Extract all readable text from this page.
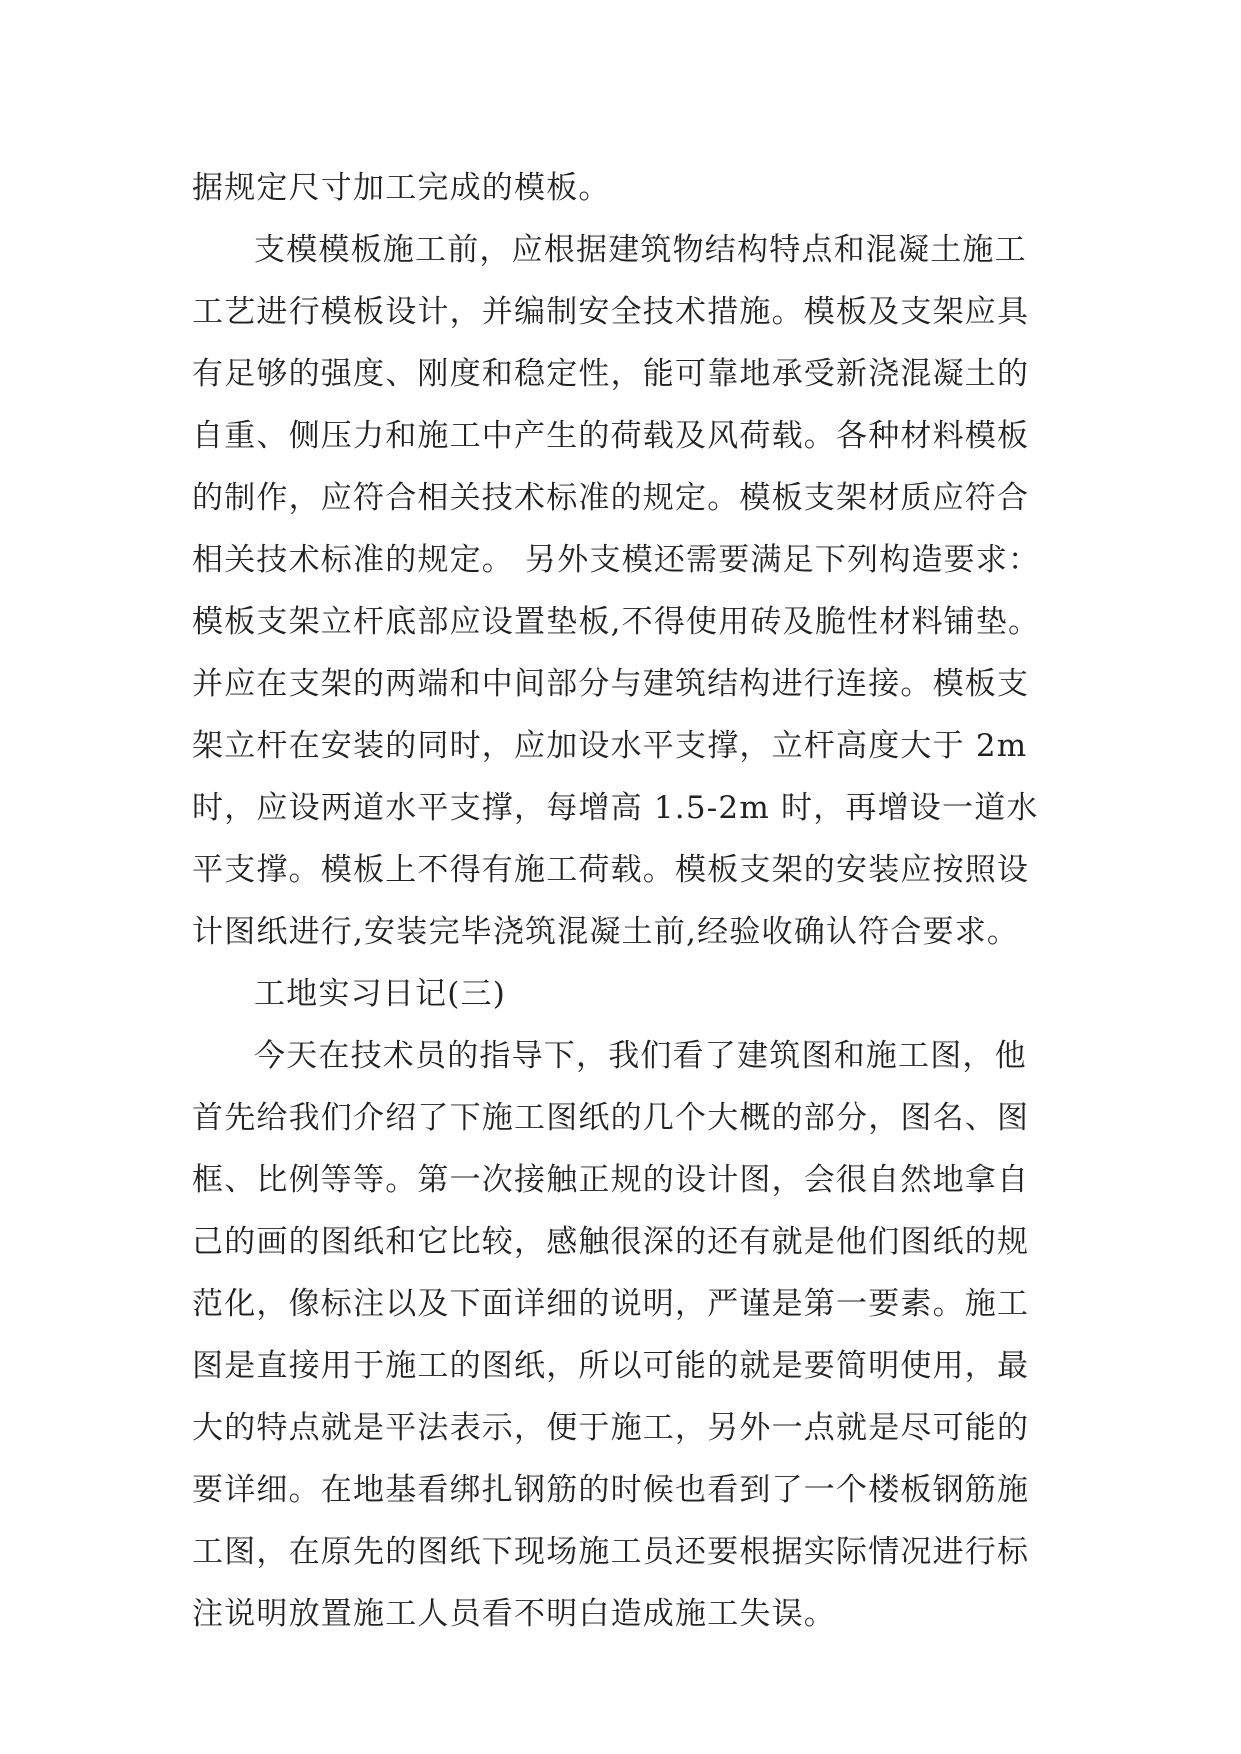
据规定尺寸加工完成的模板。
支模模板施工前，应根据建筑物结构特点和混凝土施工
工艺进行模板设计，并编制安全技术措施。模板及支架应具
有足够的强度、刚度和稳定性，能可靠地承受新浇混凝土的
自重、侧压力和施工中产生的荷载及风荷载。各种材料模板
的制作，应符合相关技术标准的规定。模板支架材质应符合
相关技术标准的规定。 另外支模还需要满足下列构造要求：
模板支架立杆底部应设置垫板,不得使用砖及脆性材料铺垫。
并应在支架的两端和中间部分与建筑结构进行连接。模板支
架立杆在安装的同时，应加设水平支撑，立杆高度大于 2m
时，应设两道水平支撑，每增高 1.5-2m 时，再增设一道水
平支撑。模板上不得有施工荷载。模板支架的安装应按照设
计图纸进行,安装完毕浇筑混凝土前,经验收确认符合要求。
工地实习日记(三)
今天在技术员的指导下，我们看了建筑图和施工图，他
首先给我们介绍了下施工图纸的几个大概的部分，图名、图
框、比例等等。第一次接触正规的设计图，会很自然地拿自
己的画的图纸和它比较，感触很深的还有就是他们图纸的规
范化，像标注以及下面详细的说明，严谨是第一要素。施工
图是直接用于施工的图纸，所以可能的就是要简明使用，最
大的特点就是平法表示，便于施工，另外一点就是尽可能的
要详细。在地基看绑扎钢筋的时候也看到了一个楼板钢筋施
工图，在原先的图纸下现场施工员还要根据实际情况进行标
注说明放置施工人员看不明白造成施工失误。
